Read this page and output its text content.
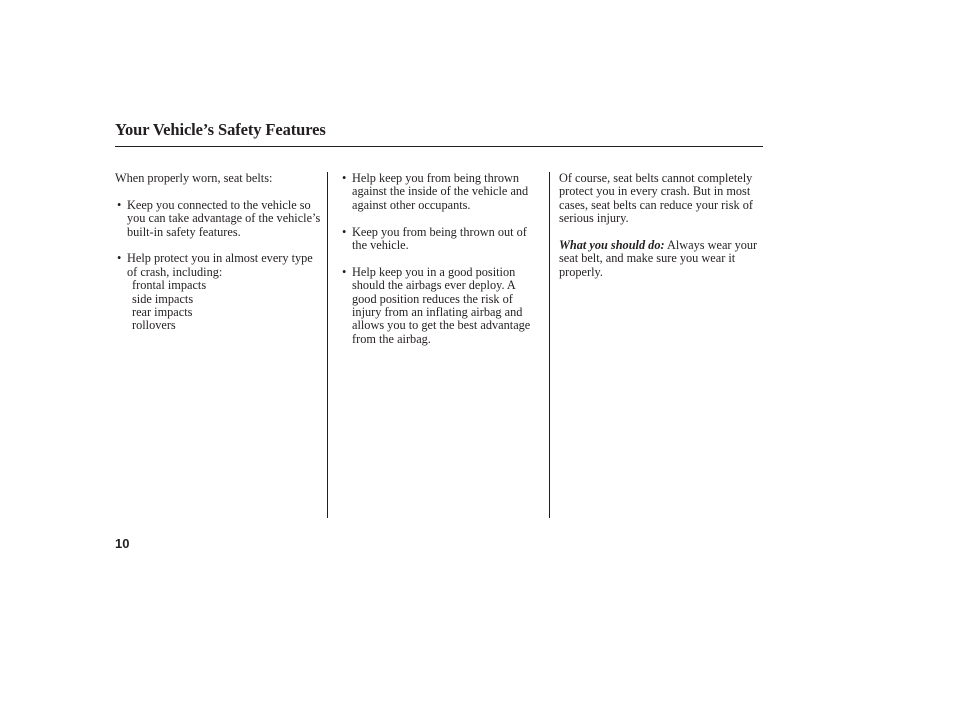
Your Vehicle’s Safety Features

When properly worn, seat belts:

• Keep you connected to the vehicle so you can take advantage of the vehicle’s built-in safety features.

• Help protect you in almost every type of crash, including:

frontal impacts
side impacts
rear impacts
rollovers

• Help keep you from being thrown against the inside of the vehicle and against other occupants.

• Keep you from being thrown out of the vehicle.

• Help keep you in a good position should the airbags ever deploy. A good position reduces the risk of injury from an inflating airbag and allows you to get the best advantage from the airbag.

Of course, seat belts cannot completely protect you in every crash. But in most cases, seat belts can reduce your risk of serious injury.

What you should do: Always wear your seat belt, and make sure you wear it properly.

10
